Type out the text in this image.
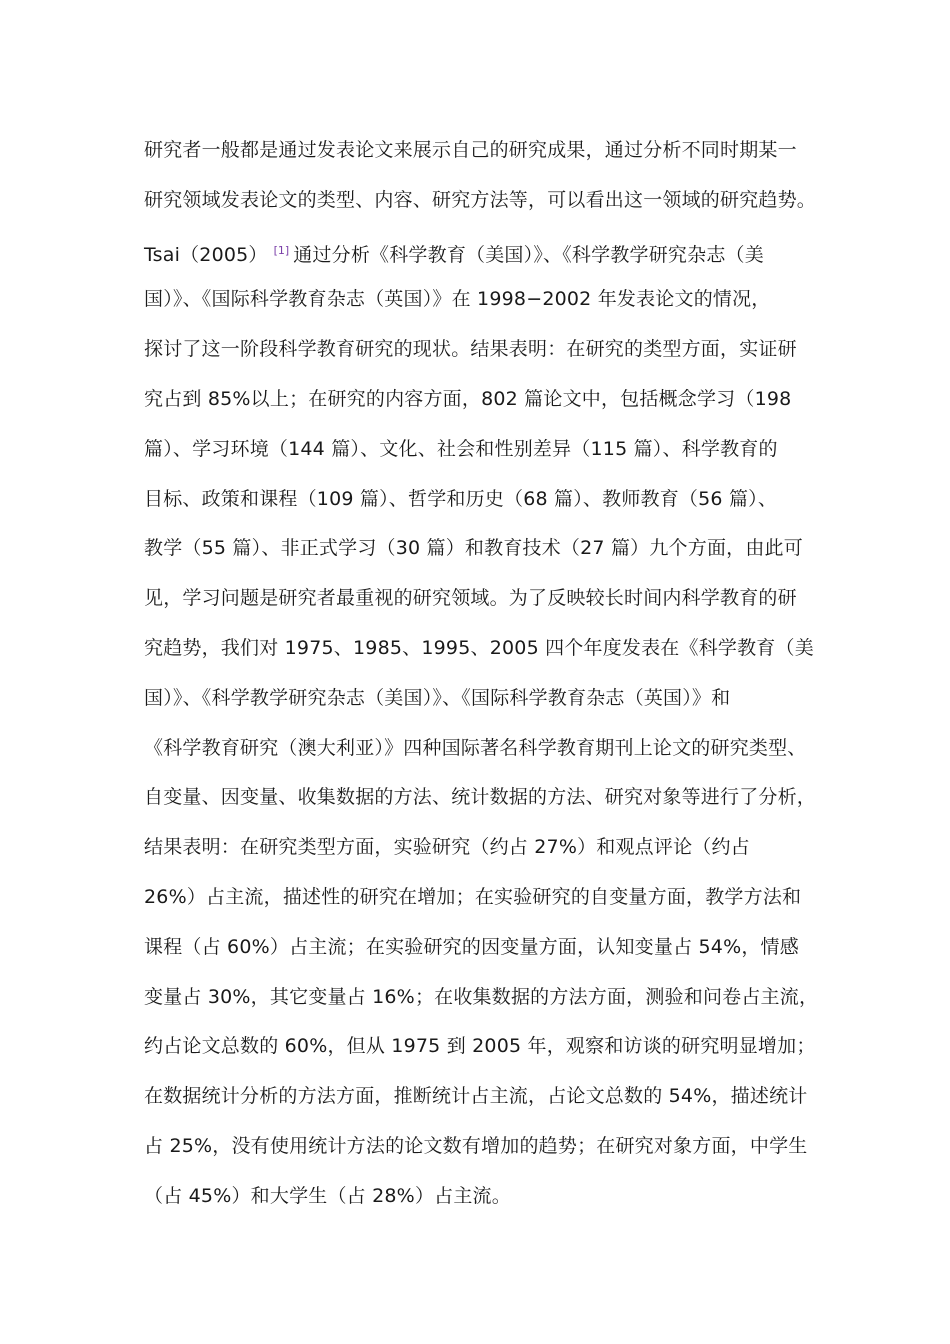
研究者一般都是通过发表论文来展示自己的研究成果，通过分析不同时期某一
研究领域发表论文的类型、内容、研究方法等，可以看出这一领域的研究趋势。
Tsai（2005） [1] 通过分析《科学教育（美国）》、《科学教学研究杂志（美
国）》、《国际科学教育杂志（英国）》在 1998−2002 年发表论文的情况，
探讨了这一阶段科学教育研究的现状。结果表明：在研究的类型方面，实证研
究占到 85%以上；在研究的内容方面，802 篇论文中，包括概念学习（198
篇）、学习环境（144 篇）、文化、社会和性别差异（115 篇）、科学教育的
目标、政策和课程（109 篇）、哲学和历史（68 篇）、教师教育（56 篇）、
教学（55 篇）、非正式学习（30 篇）和教育技术（27 篇）九个方面，由此可
见，学习问题是研究者最重视的研究领域。为了反映较长时间内科学教育的研
究趋势，我们对 1975、1985、1995、2005 四个年度发表在《科学教育（美
国）》、《科学教学研究杂志（美国）》、《国际科学教育杂志（英国）》和
《科学教育研究（澳大利亚）》四种国际著名科学教育期刊上论文的研究类型、
自变量、因变量、收集数据的方法、统计数据的方法、研究对象等进行了分析，
结果表明：在研究类型方面，实验研究（约占 27%）和观点评论（约占
26%）占主流，描述性的研究在增加；在实验研究的自变量方面，教学方法和
课程（占 60%）占主流；在实验研究的因变量方面，认知变量占 54%，情感
变量占 30%，其它变量占 16%；在收集数据的方法方面，测验和问卷占主流，
约占论文总数的 60%，但从 1975 到 2005 年，观察和访谈的研究明显增加；
在数据统计分析的方法方面，推断统计占主流，占论文总数的 54%，描述统计
占 25%，没有使用统计方法的论文数有增加的趋势；在研究对象方面，中学生
（占 45%）和大学生（占 28%）占主流。
